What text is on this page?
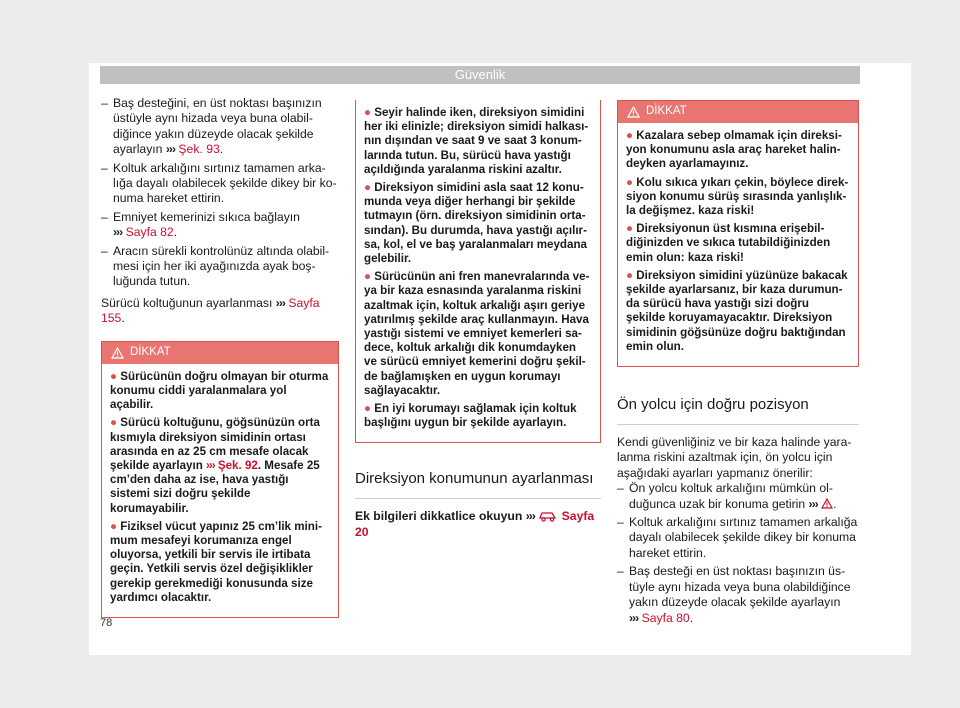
Güvenlik
– Baş desteğini, en üst noktası başınızın üstüyle aynı hizada veya buna olabildiğince yakın düzeyde olacak şekilde ayarlayın ››› Şek. 93.
– Koltuk arkalığını sırtınız tamamen arkalığa dayalı olabilecek şekilde dikey bir konuma hareket ettirin.
– Emniyet kemerinizi sıkıca bağlayın
››› Sayfa 82.
– Aracın sürekli kontrolünüz altında olabilmesi için her iki ayağınızda ayak boşluğunda tutun.

Sürücü koltuğunun ayarlanması ››› Sayfa 155.

DİKKAT

● Sürücünün doğru olmayan bir oturma konumu ciddi yaralanmalara yol açabilir.

● Sürücü koltuğunu, göğsünüzün orta kısmıyla direksiyon simidinin ortası arasında en az 25 cm mesafe olacak şekilde ayarlayın ››› Şek. 92. Mesafe 25 cm’den daha az ise, hava yastığı sistemi sizi doğru şekilde korumayabilir.

● Fiziksel vücut yapınız 25 cm’lik minimum mesafeyi korumanıza engel oluyorsa, yetkili bir servis ile irtibata geçin. Yetkili servis özel değişiklikler gerekip gerekmediği konusunda size yardımcı olacaktır.

● Seyir halinde iken, direksiyon simidini her iki elinizle; direksiyon simidi halkasının dışından ve saat 9 ve saat 3 konumlarında tutun. Bu, sürücü hava yastığı açıldığında yaralanma riskini azaltır.

● Direksiyon simidini asla saat 12 konumunda veya diğer herhangi bir şekilde tutmayın (örn. direksiyon simidinin ortasından). Bu durumda, hava yastığı açılırsa, kol, el ve baş yaralanmaları meydana gelebilir.

● Sürücünün ani fren manevralarında veya bir kaza esnasında yaralanma riskini azaltmak için, koltuk arkalığı aşırı geriye yatırılmış şekilde araç kullanmayın. Hava yastığı sistemi ve emniyet kemerleri sadece, koltuk arkalığı dik konumdayken ve sürücü emniyet kemerini doğru şekilde bağlamışken en uygun korumayı sağlayacaktır.

● En iyi korumayı sağlamak için koltuk başlığını uygun bir şekilde ayarlayın.

Direksiyon konumunun ayarlanması
Ek bilgileri dikkatlice okuyun ››› Sayfa 20
DİKKAT

● Kazalara sebep olmamak için direksiyon konumunu asla araç hareket halindeyken ayarlamayınız.

● Kolu sıkıca yıkarı çekin, böylece direksiyon konumu sürüş sırasında yanlışlıkla değişmez. kaza riski!

● Direksiyonun üst kısmına erişebildiğinizden ve sıkıca tutabildiğinizden emin olun: kaza riski!

● Direksiyon simidini yüzünüze bakacak şekilde ayarlarsanız, bir kaza durumunda sürücü hava yastığı sizi doğru şekilde koruyamayacaktır. Direksiyon simidinin göğsünüze doğru baktığından emin olun.

Ön yolcu için doğru pozisyon

Kendi güvenliğiniz ve bir kaza halinde yaralanma riskini azaltmak için, ön yolcu için aşağıdaki ayarları yapmanız önerilir:

– Ön yolcu koltuk arkalığını mümkün olduğunca uzak bir konuma getirin ››› .
– Koltuk arkalığını sırtınız tamamen arkalığa dayalı olabilecek şekilde dikey bir konuma hareket ettirin.
– Baş desteği en üst noktası başınızın üstüyle aynı hizada veya buna olabildiğince yakın düzeyde olacak şekilde ayarlayın
››› Sayfa 80.
78
